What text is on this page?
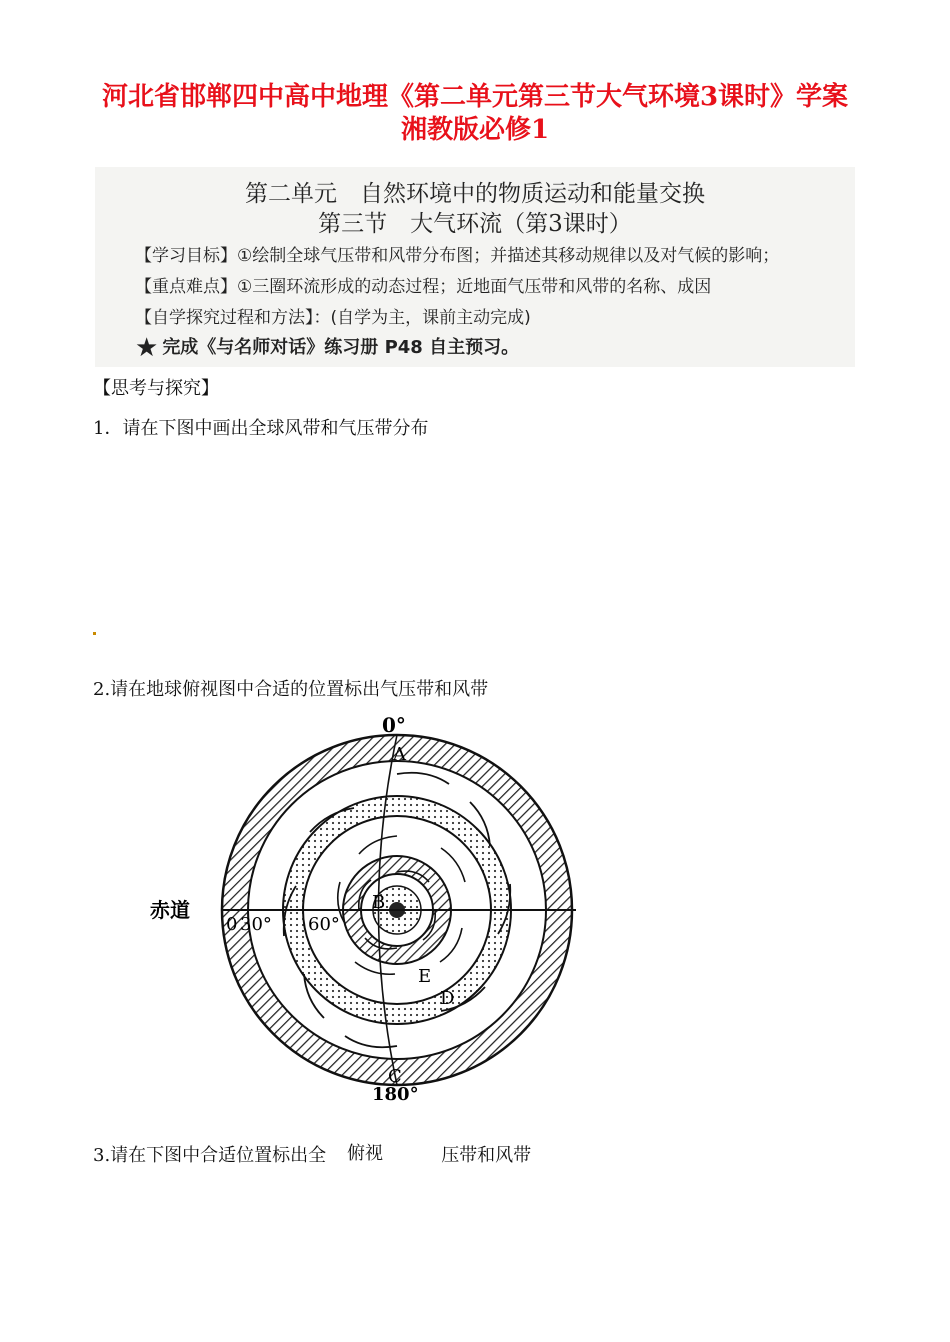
河北省邯郸四中高中地理《第二单元第三节大气环境3课时》学案
湘教版必修1
第二单元　自然环境中的物质运动和能量交换
第三节　大气环流（第3课时）
【学习目标】①绘制全球气压带和风带分布图；并描述其移动规律以及对气候的影响；
【重点难点】①三圈环流形成的动态过程；近地面气压带和风带的名称、成因
【自学探究过程和方法】：(自学为主，课前主动完成)
★ 完成《与名师对话》练习册 P48 自主预习。
【思考与探究】
1．请在下图中画出全球风带和气压带分布
2.请在地球俯视图中合适的位置标出气压带和风带
0°
A
180°
C
赤道
0 30° 60°
B
E
D
3.请在下图中合适位置标出全	压带和风带
俯视
